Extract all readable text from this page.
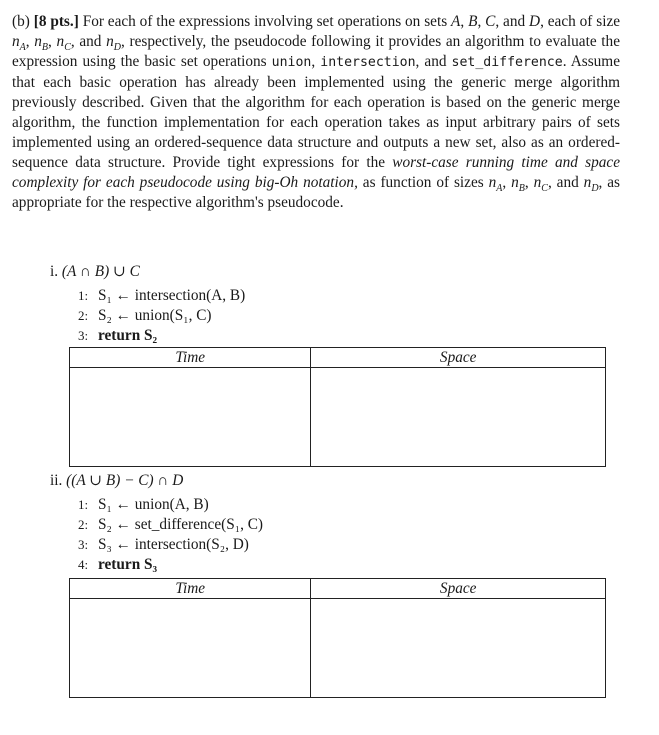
(b) [8 pts.] For each of the expressions involving set operations on sets A, B, C, and D, each of size $n_A$, $n_B$, $n_C$, and $n_D$, respectively, the pseudocode following it provides an algorithm to evaluate the expression using the basic set operations union, intersection, and set_difference. Assume that each basic operation has already been implemented using the generic merge algorithm previously described. Given that the algorithm for each operation is based on the generic merge algorithm, the function implementation for each operation takes as input arbitrary pairs of sets implemented using an ordered-sequence data structure and outputs a new set, also as an ordered-sequence data structure. Provide tight expressions for the worst-case running time and space complexity for each pseudocode using big-Oh notation, as function of sizes $n_A$, $n_B$, $n_C$, and $n_D$, as appropriate for the respective algorithm's pseudocode.

i. (A ∩ B) ∪ C
1: S₁ ← intersection(A, B)
2: S₂ ← union(S₁, C)
3: return S₂
Time	Space

ii. ((A ∪ B) − C) ∩ D
1: S₁ ← union(A, B)
2: S₂ ← set_difference(S₁, C)
3: S₃ ← intersection(S₂, D)
4: return S₃
Time	Space
